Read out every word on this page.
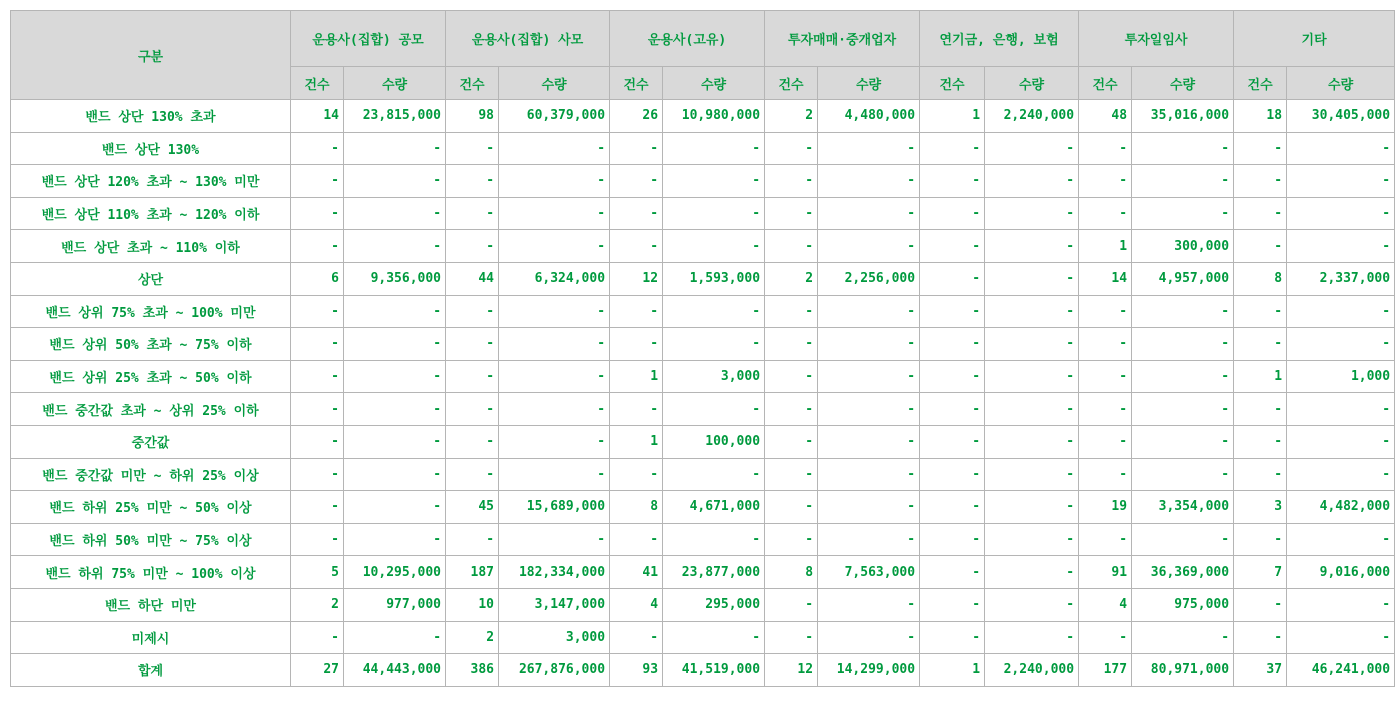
구분	운용사(집합) 공모		운용사(집합) 사모		운용사(고유)		투자매매·중개업자		연기금, 은행, 보험		투자일임사		기타	
	건수	수량	건수	수량	건수	수량	건수	수량	건수	수량	건수	수량	건수	수량
밴드 상단 130% 초과	14	23,815,000	98	60,379,000	26	10,980,000	2	4,480,000	1	2,240,000	48	35,016,000	18	30,405,000
밴드 상단 130%	-	-	-	-	-	-	-	-	-	-	-	-	-	-
밴드 상단 120% 초과 ~ 130% 미만	-	-	-	-	-	-	-	-	-	-	-	-	-	-
밴드 상단 110% 초과 ~ 120% 이하	-	-	-	-	-	-	-	-	-	-	-	-	-	-
밴드 상단 초과 ~ 110% 이하	-	-	-	-	-	-	-	-	-	-	1	300,000	-	-
상단	6	9,356,000	44	6,324,000	12	1,593,000	2	2,256,000	-	-	14	4,957,000	8	2,337,000
밴드 상위 75% 초과 ~ 100% 미만	-	-	-	-	-	-	-	-	-	-	-	-	-	-
밴드 상위 50% 초과 ~ 75% 이하	-	-	-	-	-	-	-	-	-	-	-	-	-	-
밴드 상위 25% 초과 ~ 50% 이하	-	-	-	-	1	3,000	-	-	-	-	-	-	1	1,000
밴드 중간값 초과 ~ 상위 25% 이하	-	-	-	-	-	-	-	-	-	-	-	-	-	-
중간값	-	-	-	-	1	100,000	-	-	-	-	-	-	-	-
밴드 중간값 미만 ~ 하위 25% 이상	-	-	-	-	-	-	-	-	-	-	-	-	-	-
밴드 하위 25% 미만 ~ 50% 이상	-	-	45	15,689,000	8	4,671,000	-	-	-	-	19	3,354,000	3	4,482,000
밴드 하위 50% 미만 ~ 75% 이상	-	-	-	-	-	-	-	-	-	-	-	-	-	-
밴드 하위 75% 미만 ~ 100% 이상	5	10,295,000	187	182,334,000	41	23,877,000	8	7,563,000	-	-	91	36,369,000	7	9,016,000
밴드 하단 미만	2	977,000	10	3,147,000	4	295,000	-	-	-	-	4	975,000	-	-
미제시	-	-	2	3,000	-	-	-	-	-	-	-	-	-	-
합계	27	44,443,000	386	267,876,000	93	41,519,000	12	14,299,000	1	2,240,000	177	80,971,000	37	46,241,000
